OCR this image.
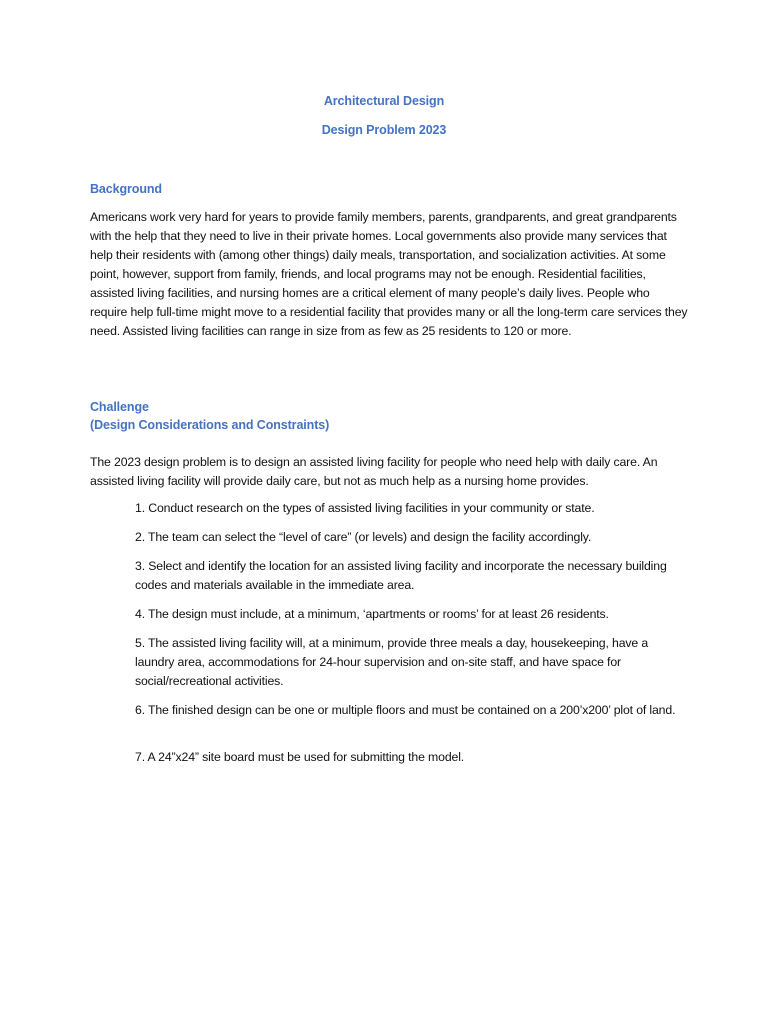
Architectural Design
Design Problem 2023
Background
Americans work very hard for years to provide family members, parents, grandparents, and great grandparents with the help that they need to live in their private homes. Local governments also provide many services that help their residents with (among other things) daily meals, transportation, and socialization activities. At some point, however, support from family, friends, and local programs may not be enough. Residential facilities, assisted living facilities, and nursing homes are a critical element of many people’s daily lives. People who require help full-time might move to a residential facility that provides many or all the long-term care services they need. Assisted living facilities can range in size from as few as 25 residents to 120 or more.
Challenge
(Design Considerations and Constraints)
The 2023 design problem is to design an assisted living facility for people who need help with daily care. An assisted living facility will provide daily care, but not as much help as a nursing home provides.
1. Conduct research on the types of assisted living facilities in your community or state.
2. The team can select the “level of care” (or levels) and design the facility accordingly.
3. Select and identify the location for an assisted living facility and incorporate the necessary building codes and materials available in the immediate area.
4. The design must include, at a minimum, ‘apartments or rooms’ for at least 26 residents.
5. The assisted living facility will, at a minimum, provide three meals a day, housekeeping, have a laundry area, accommodations for 24-hour supervision and on-site staff, and have space for social/recreational activities.
6. The finished design can be one or multiple floors and must be contained on a 200’x200’ plot of land.
7. A 24”x24” site board must be used for submitting the model.
